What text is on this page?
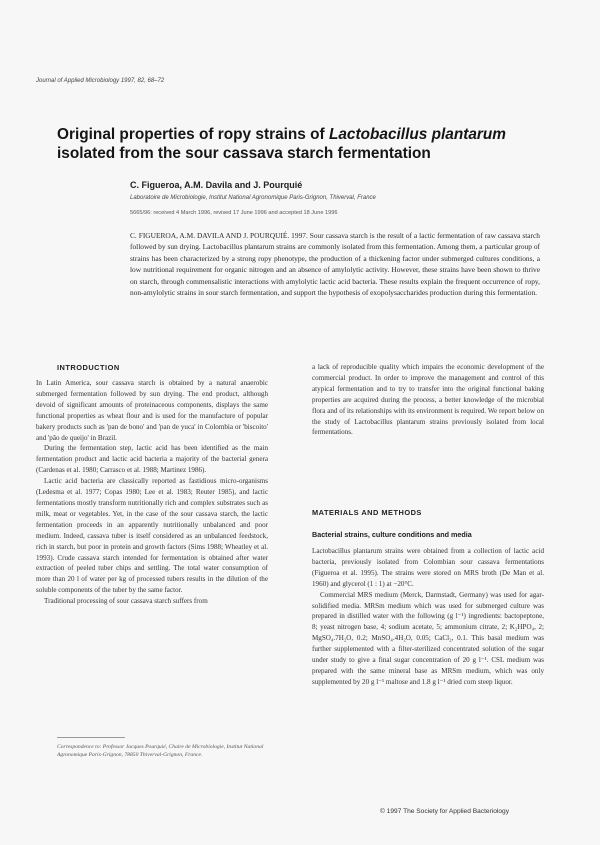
Journal of Applied Microbiology 1997, 82, 68–72
Original properties of ropy strains of Lactobacillus plantarum
isolated from the sour cassava starch fermentation
C. Figueroa, A.M. Davila and J. Pourquié
Laboratoire de Microbiologie, Institut National Agronomique Paris-Grignon, Thiverval, France
5665/96: received 4 March 1996, revised 17 June 1996 and accepted 18 June 1996

C. FIGUEROA, A.M. DAVILA AND J. POURQUIÉ. 1997. Sour cassava starch is the result of a lactic fermentation of raw cassava starch followed by sun drying. Lactobacillus plantarum strains are commonly isolated from this fermentation. Among them, a particular group of strains has been characterized by a strong ropy phenotype, the production of a thickening factor under submerged cultures conditions, a low nutritional requirement for organic nitrogen and an absence of amylolytic activity. However, these strains have been shown to thrive on starch, through commensalistic interactions with amylolytic lactic acid bacteria. These results explain the frequent occurrence of ropy, non-amylolytic strains in sour starch fermentation, and support the hypothesis of exopolysaccharides production during this fermentation.

INTRODUCTION

In Latin America, sour cassava starch is obtained by a natural anaerobic submerged fermentation followed by sun drying. The end product, although devoid of significant amounts of proteinaceous components, displays the same functional properties as wheat flour and is used for the manufacture of popular bakery products such as 'pan de bono' and 'pan de yuca' in Colombia or 'biscoito' and 'pão de queijo' in Brazil.

During the fermentation step, lactic acid has been identified as the main fermentation product and lactic acid bacteria a majority of the bacterial genera (Cardenas et al. 1980; Carrasco et al. 1988; Martinez 1986).

Lactic acid bacteria are classically reported as fastidious micro-organisms (Ledesma et al. 1977; Copas 1980; Lee et al. 1983; Reuter 1985), and lactic fermentations mostly transform nutritionally rich and complex substrates such as milk, meat or vegetables. Yet, in the case of the sour cassava starch, the lactic fermentation proceeds in an apparently nutritionally unbalanced and poor medium. Indeed, cassava tuber is itself considered as an unbalanced feedstock, rich in starch, but poor in protein and growth factors (Sims 1988; Wheatley et al. 1993). Crude cassava starch intended for fermentation is obtained after water extraction of peeled tuber chips and settling. The total water consumption of more than 20 l of water per kg of processed tubers results in the dilution of the soluble components of the tuber by the same factor.

Traditional processing of sour cassava starch suffers from

Correspondence to: Professor Jacques Pourquié, Chaire de Microbiologie, Institut National Agronomique Paris-Grignon, 78850 Thiverval-Grignon, France.

a lack of reproducible quality which impairs the economic development of the commercial product. In order to improve the management and control of this atypical fermentation and to try to transfer into the original functional baking properties are acquired during the process, a better knowledge of the microbial flora and of its relationships with its environment is required. We report below on the study of Lactobacillus plantarum strains previously isolated from local fermentations.

MATERIALS AND METHODS
Bacterial strains, culture conditions and media

Lactobacillus plantarum strains were obtained from a collection of lactic acid bacteria, previously isolated from Colombian sour cassava fermentations (Figueroa et al. 1995). The strains were stored on MRS broth (De Man et al. 1960) and glycerol (1 : 1) at −20°C.

Commercial MRS medium (Merck, Darmstadt, Germany) was used for agar-solidified media. MRSm medium which was used for submerged culture was prepared in distilled water with the following (g l⁻¹) ingredients: bactopeptone, 8; yeast nitrogen base, 4; sodium acetate, 5; ammonium citrate, 2; K₂HPO₄, 2; MgSO₄.7H₂O, 0.2; MnSO₄.4H₂O, 0.05; CaCl₂, 0.1. This basal medium was further supplemented with a filter-sterilized concentrated solution of the sugar under study to give a final sugar concentration of 20 g l⁻¹. CSL medium was prepared with the same mineral base as MRSm medium, which was only supplemented by 20 g l⁻¹ maltose and 1.8 g l⁻¹ dried corn steep liquor.

© 1997 The Society for Applied Bacteriology
